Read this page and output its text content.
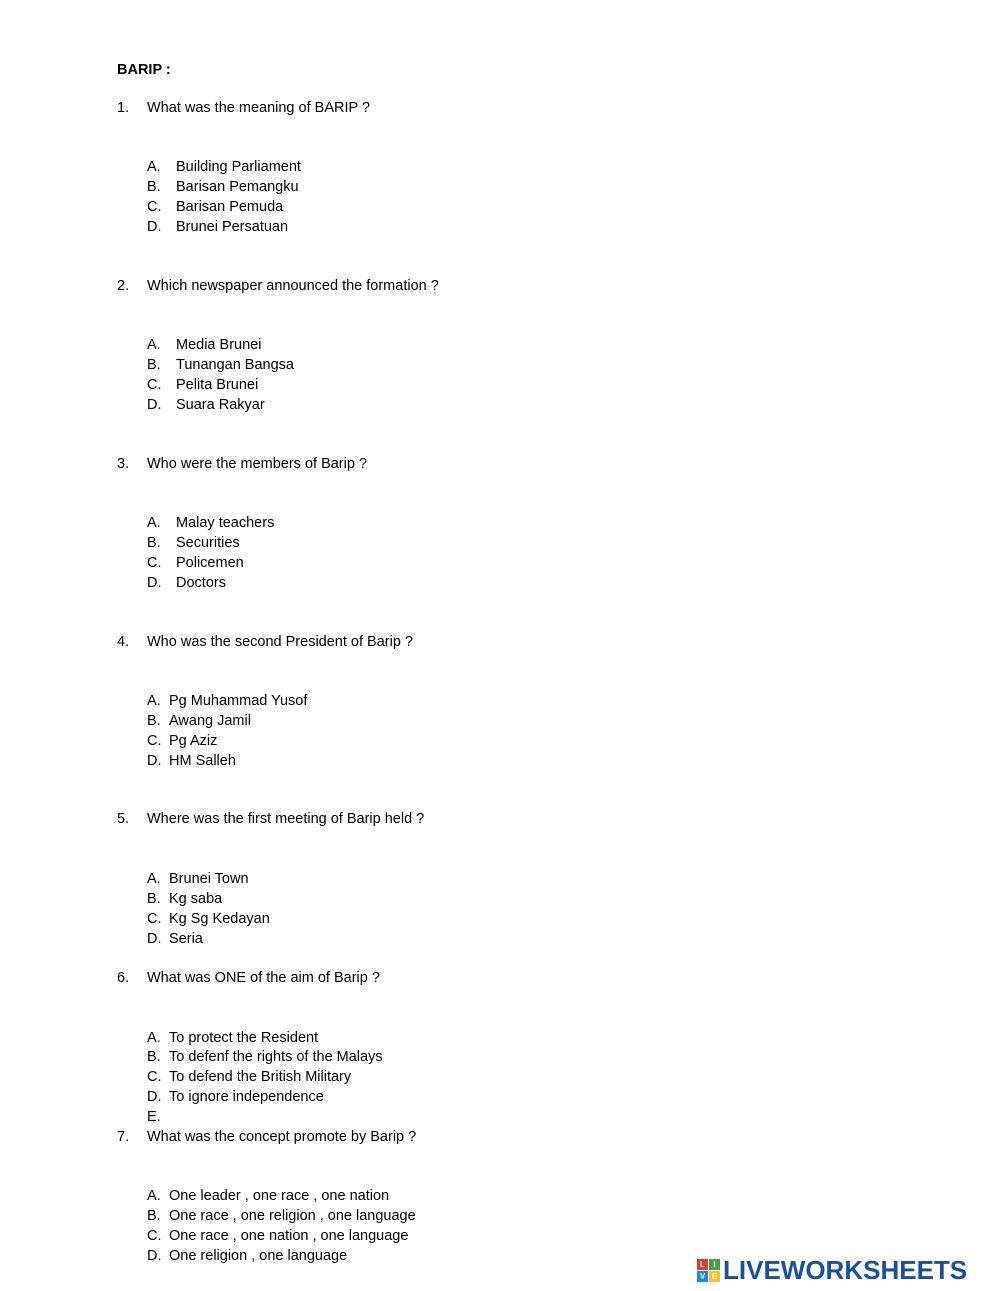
BARIP :
1. What was the meaning of BARIP ?
A. Building Parliament
B. Barisan Pemangku
C. Barisan Pemuda
D. Brunei Persatuan
2. Which newspaper announced the formation ?
A. Media Brunei
B. Tunangan Bangsa
C. Pelita Brunei
D. Suara Rakyar
3. Who were the members of Barip ?
A. Malay teachers
B. Securities
C. Policemen
D. Doctors
4. Who was the second President of Barip ?
A. Pg Muhammad Yusof
B. Awang Jamil
C. Pg Aziz
D. HM Salleh
5. Where was the first meeting of Barip held ?
A. Brunei Town
B. Kg saba
C. Kg Sg Kedayan
D. Seria
6. What was ONE of the aim of Barip ?
A. To protect the Resident
B. To defenf the rights of the Malays
C. To defend the British Military
D. To ignore independence
E.
7. What was the concept promote by Barip ?
A. One leader , one race , one nation
B. One race , one religion , one language
C. One race , one nation , one language
D. One religion , one language	L	I
V E LIVEWORKSHEETS
